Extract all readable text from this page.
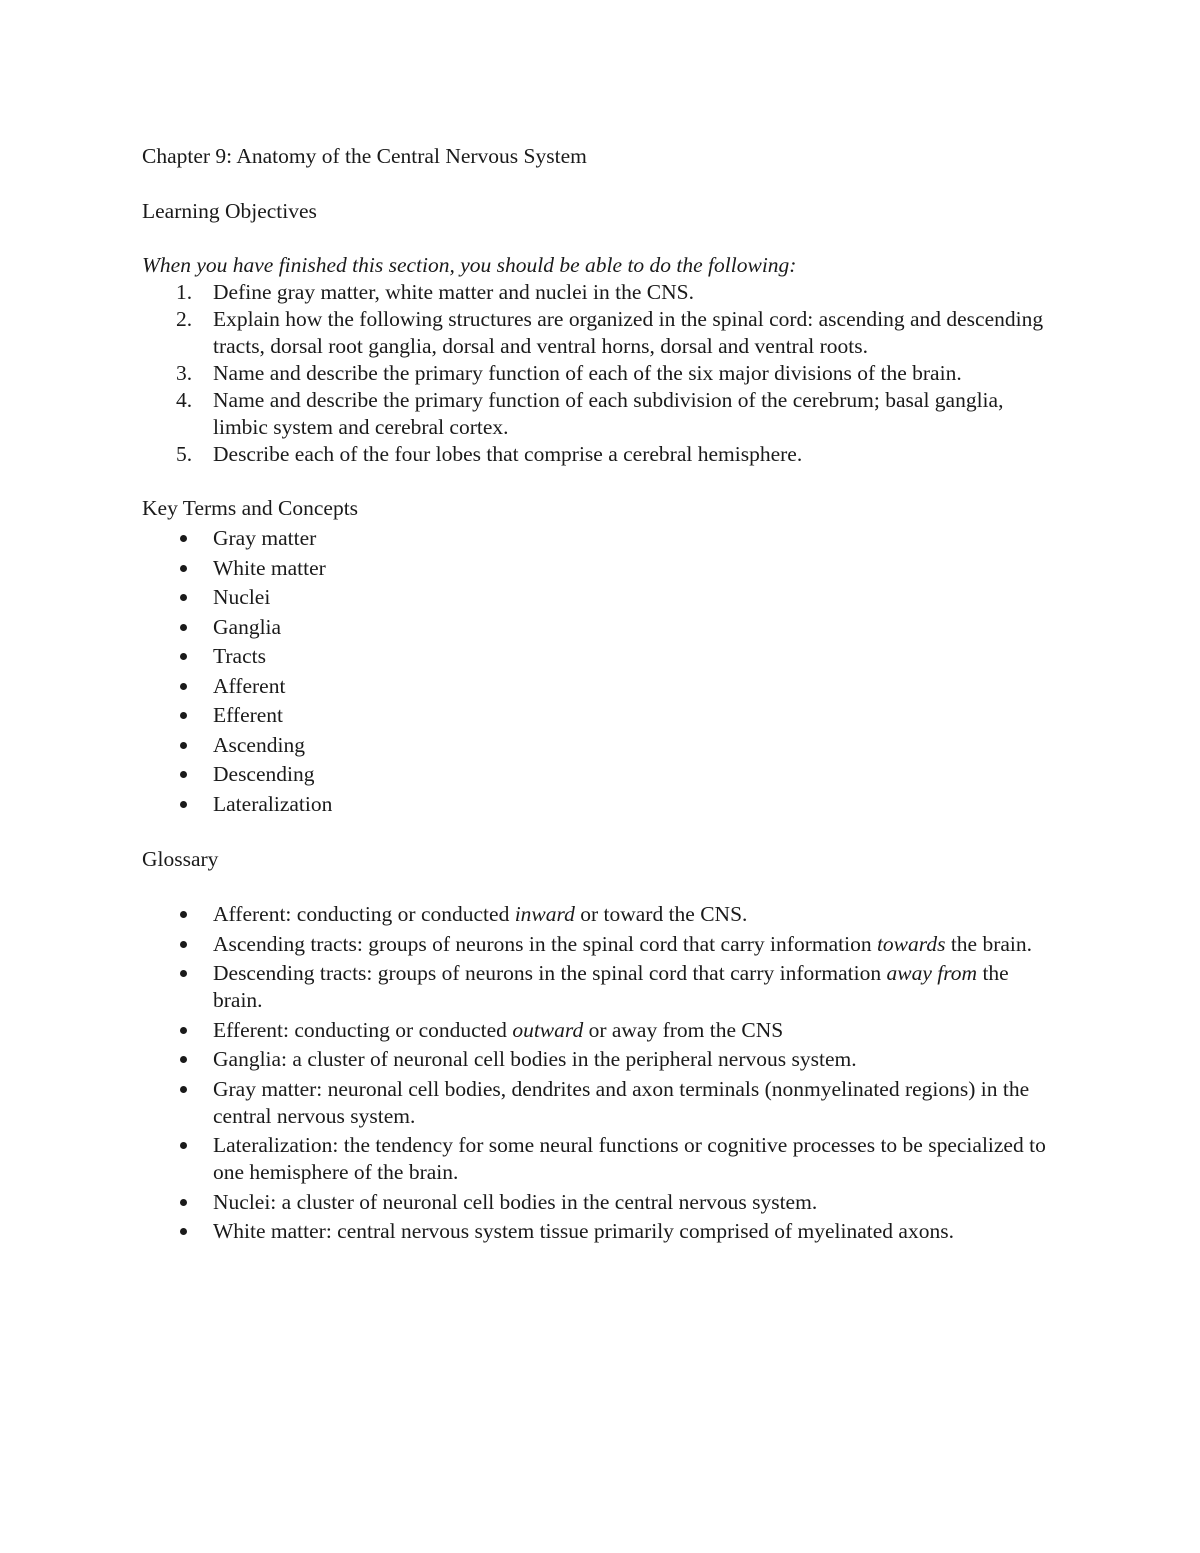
Chapter 9: Anatomy of the Central Nervous System

Learning Objectives

When you have finished this section, you should be able to do the following:

1. Define gray matter, white matter and nuclei in the CNS.
2. Explain how the following structures are organized in the spinal cord: ascending and descending tracts, dorsal root ganglia, dorsal and ventral horns, dorsal and ventral roots.
3. Name and describe the primary function of each of the six major divisions of the brain.
4. Name and describe the primary function of each subdivision of the cerebrum; basal ganglia, limbic system and cerebral cortex.
5. Describe each of the four lobes that comprise a cerebral hemisphere.

Key Terms and Concepts

Gray matter
White matter
Nuclei
Ganglia
Tracts
Afferent
Efferent
Ascending
Descending
Lateralization

Glossary

Afferent: conducting or conducted inward or toward the CNS.
Ascending tracts: groups of neurons in the spinal cord that carry information towards the brain.
Descending tracts: groups of neurons in the spinal cord that carry information away from the brain.
Efferent: conducting or conducted outward or away from the CNS
Ganglia: a cluster of neuronal cell bodies in the peripheral nervous system.
Gray matter: neuronal cell bodies, dendrites and axon terminals (nonmyelinated regions) in the central nervous system.
Lateralization: the tendency for some neural functions or cognitive processes to be specialized to one hemisphere of the brain.
Nuclei: a cluster of neuronal cell bodies in the central nervous system.
White matter: central nervous system tissue primarily comprised of myelinated axons.
